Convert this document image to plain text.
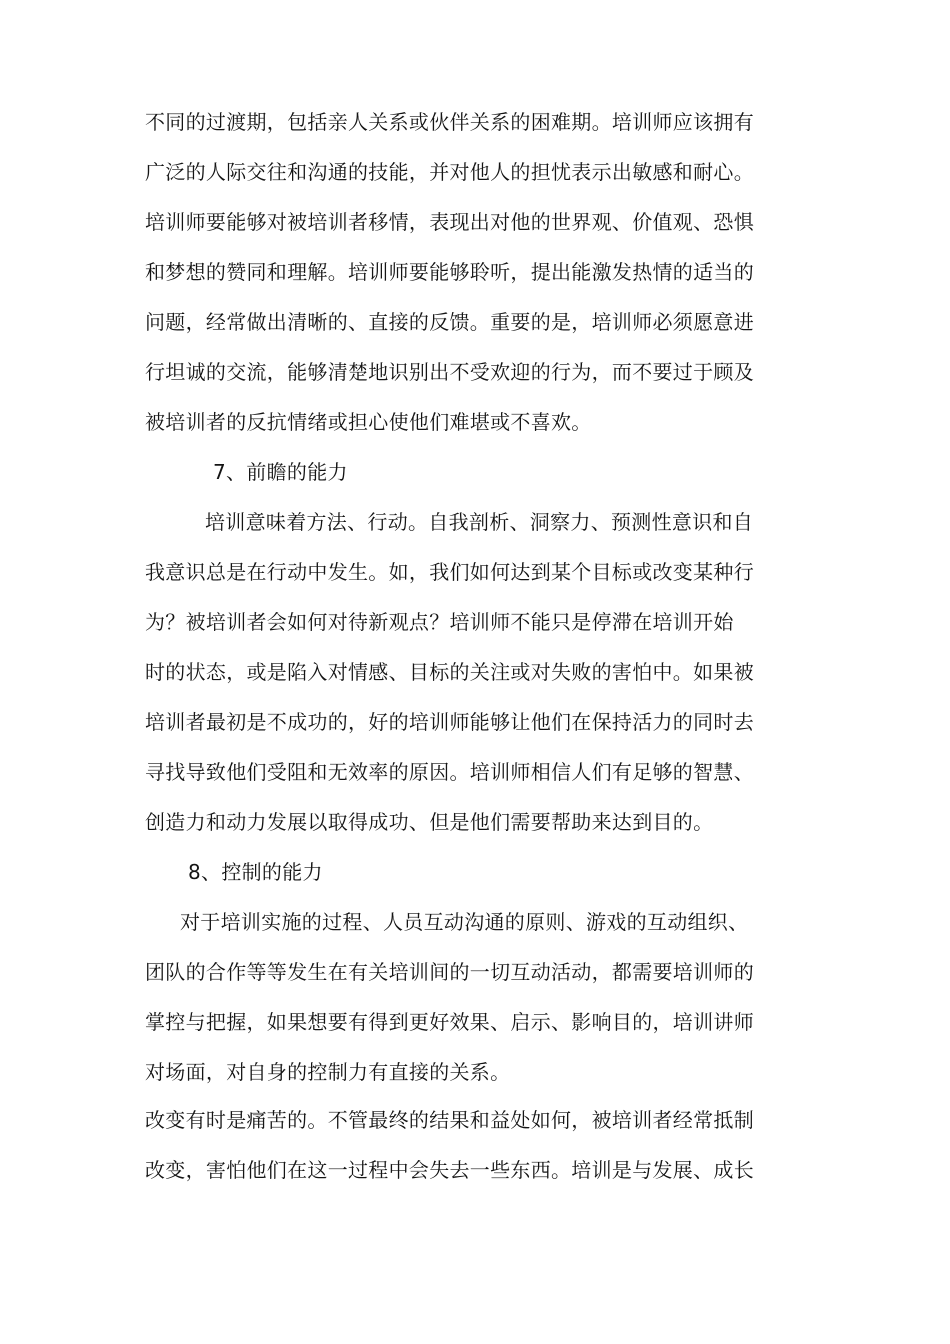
不同的过渡期，包括亲人关系或伙伴关系的困难期。培训师应该拥有
广泛的人际交往和沟通的技能，并对他人的担忧表示出敏感和耐心。
培训师要能够对被培训者移情，表现出对他的世界观、价值观、恐惧
和梦想的赞同和理解。培训师要能够聆听，提出能激发热情的适当的
问题，经常做出清晰的、直接的反馈。重要的是，培训师必须愿意进
行坦诚的交流，能够清楚地识别出不受欢迎的行为，而不要过于顾及
被培训者的反抗情绪或担心使他们难堪或不喜欢。
7、前瞻的能力
培训意味着方法、行动。自我剖析、洞察力、预测性意识和自
我意识总是在行动中发生。如，我们如何达到某个目标或改变某种行
为？被培训者会如何对待新观点？培训师不能只是停滞在培训开始
时的状态，或是陷入对情感、目标的关注或对失败的害怕中。如果被
培训者最初是不成功的，好的培训师能够让他们在保持活力的同时去
寻找导致他们受阻和无效率的原因。培训师相信人们有足够的智慧、
创造力和动力发展以取得成功、但是他们需要帮助来达到目的。
8、控制的能力
对于培训实施的过程、人员互动沟通的原则、游戏的互动组织、
团队的合作等等发生在有关培训间的一切互动活动，都需要培训师的
掌控与把握，如果想要有得到更好效果、启示、影响目的，培训讲师
对场面，对自身的控制力有直接的关系。
改变有时是痛苦的。不管最终的结果和益处如何，被培训者经常抵制
改变，害怕他们在这一过程中会失去一些东西。培训是与发展、成长
